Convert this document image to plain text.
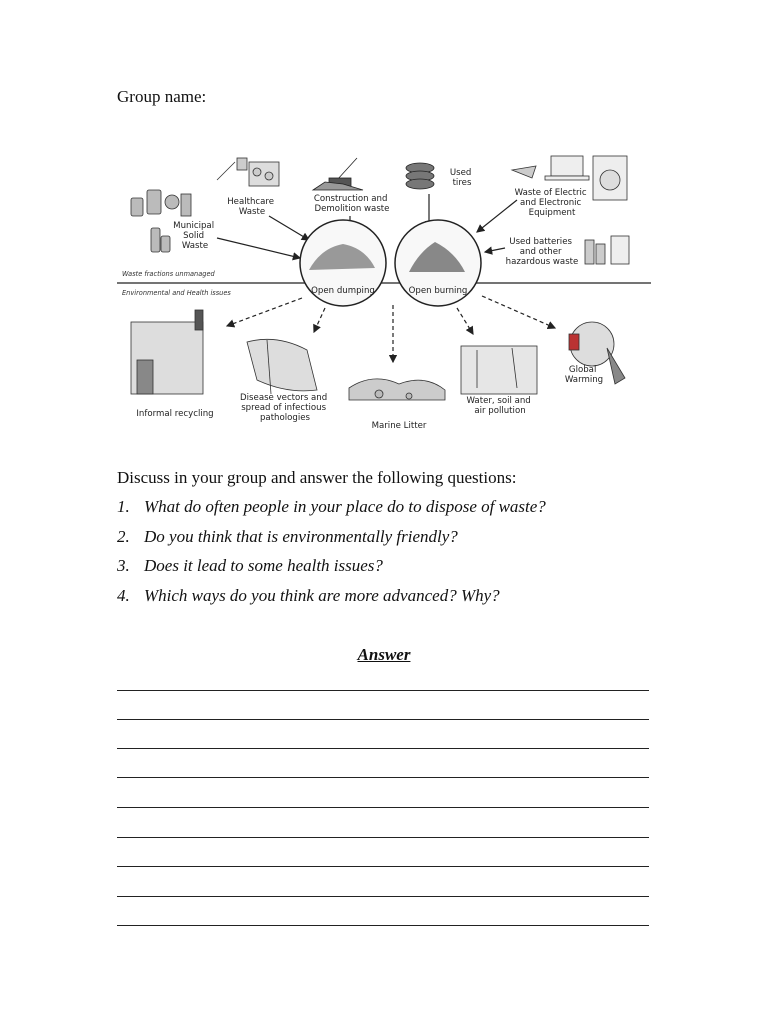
Group name:
Municipal Solid Waste
Healthcare Waste
Construction and Demolition waste
Used tires
Waste of Electric and Electronic Equipment
Used batteries and other hazardous waste
Waste fractions unmanaged
Environmental and Health issues	Open dumping	Open burning
Informal recycling
Disease vectors and spread of infectious pathologies
Marine Litter
Water, soil and air pollution
Global Warming
Discuss in your group and answer the following questions:
1. What do often people in your place do to dispose of waste?
2. Do you think that is environmentally friendly?
3. Does it lead to some health issues?
4. Which ways do you think are more advanced? Why?
Answer
